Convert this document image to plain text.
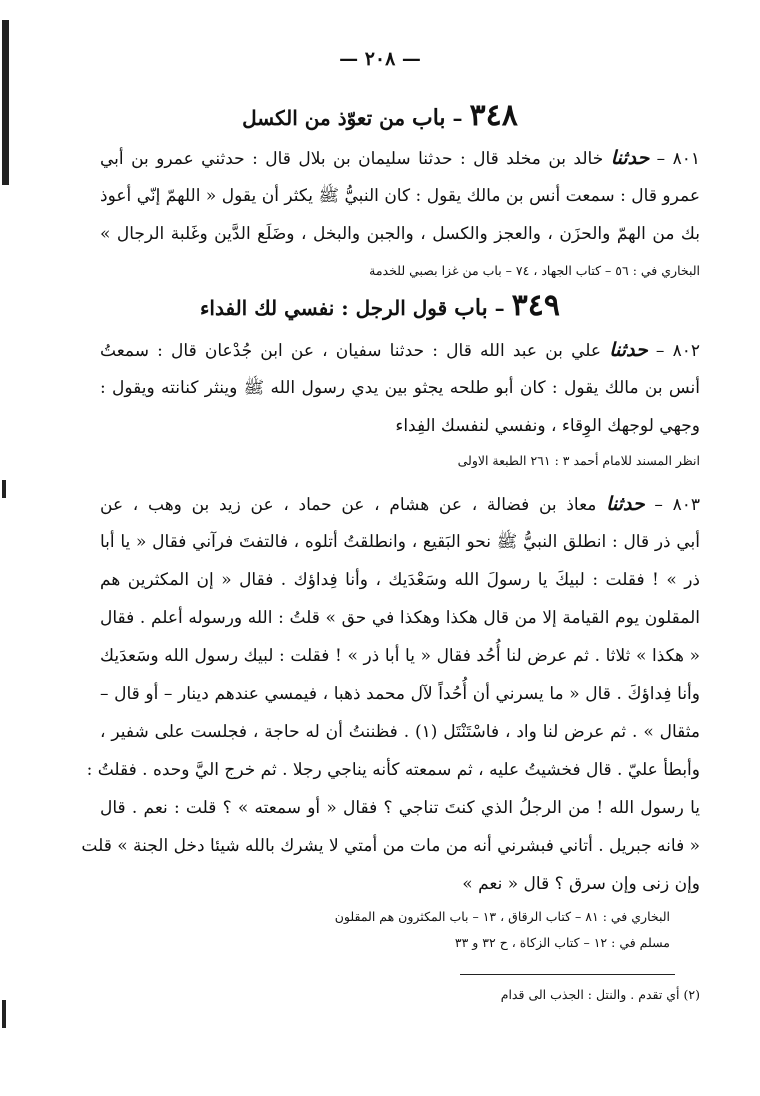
— ٢٠٨ —
٣٤٨ – باب من تعوّذ من الكسل
٨٠١ – حدثنا خالد بن مخلد قال : حدثنا سليمان بن بلال قال : حدثني عمرو بن أبي
عمرو قال : سمعت أنس بن مالك يقول : كان النبيُّ ﷺ يكثر أن يقول « اللهمّ إنّي أعوذ
بك من الهمّ والحزَن ، والعجز والكسل ، والجبن والبخل ، وضَلَع الدَّين وغَلبة الرجال »
البخاري في : ٥٦ – كتاب الجهاد ، ٧٤ – باب من غزا بصبي للخدمة
٣٤٩ – باب قول الرجل : نفسي لك الفداء
٨٠٢ – حدثنا علي بن عبد الله قال : حدثنا سفيان ، عن ابن جُدْعان قال : سمعتُ
أنس بن مالك يقول : كان أبو طلحه يجثو بين يدي رسول الله ﷺ وينثر كنانته ويقول :
وجهي لوجهك الوِقاء ، ونفسي لنفسك الفِداء
انظر المسند للامام أحمد ٣ : ٢٦١ الطبعة الاولى
٨٠٣ – حدثنا معاذ بن فضالة ، عن هشام ، عن حماد ، عن زيد بن وهب ، عن
أبي ذر قال : انطلق النبيُّ ﷺ نحو البَقيع ، وانطلقتُ أتلوه ، فالتفتَ فرآني فقال « يا أبا
ذر » ! فقلت : لبيكَ يا رسولَ الله وسَعْدَيك ، وأنا فِداؤك . فقال « إن المكثرين هم
المقلون يوم القيامة إلا من قال هكذا وهكذا في حق » قلتُ : الله ورسوله أعلم . فقال
« هكذا » ثلاثا . ثم عرض لنا أُحُد فقال « يا أبا ذر » ! فقلت : لبيك رسول الله وسَعدَيك
وأنا فِداؤكَ . قال « ما يسرني أن أُحُداً لآل محمد ذهبا ، فيمسي عندهم دينار – أو قال –
مثقال » . ثم عرض لنا واد ، فاسْتَنْتَل (١) . فظننتُ أن له حاجة ، فجلست على شفير ،
وأبطأ عليّ . قال فخشيتُ عليه ، ثم سمعته كأنه يناجي رجلا . ثم خرج اليَّ وحده . فقلتُ :
يا رسول الله ! من الرجلُ الذي كنتَ تناجي ؟ فقال « أو سمعته » ؟ قلت : نعم . قال
« فانه جبريل . أتاني فبشرني أنه من مات من أمتي لا يشرك بالله شيئا دخل الجنة » قلت
وإن زنى وإن سرق ؟ قال « نعم »
البخاري في : ٨١ – كتاب الرقاق ، ١٣ – باب المكثرون هم المقلون
مسلم في : ١٢ – كتاب الزكاة ، ح ٣٢ و ٣٣
(٢) أي تقدم . والنتل : الجذب الى قدام
